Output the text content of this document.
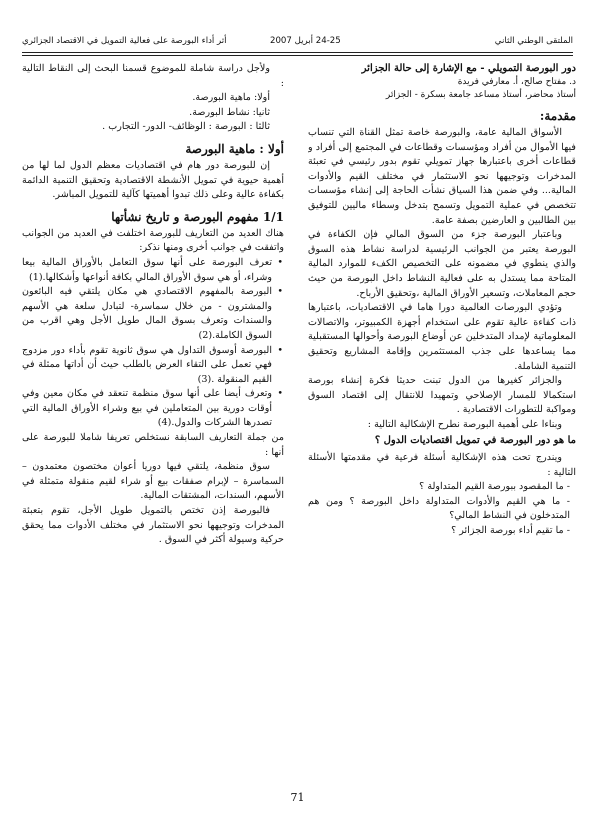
الملتقى الوطني الثاني
24-25 أبريل 2007
أثر أداء البورصة على فعالية التمويل في الاقتصاد الجزائري
دور البورصة التمويلي - مع الإشارة إلى حالة الجزائر
د. مفتاح صالح، أ. معارفي فريدة
أستاذ محاضر، أستاذ مساعد جامعة بسكرة - الجزائر
مقدمة:

الأسواق المالية عامة، والبورصة خاصة تمثل القناة التي تنساب فيها الأموال من أفراد ومؤسسات وقطاعات في المجتمع إلى أفراد و قطاعات أخرى باعتبارها جهاز تمويلي تقوم بدور رئيسي في تعبئة المدخرات وتوجيهها نحو الاستثمار في مختلف القيم والأدوات المالية... وفي ضمن هذا السياق نشأت الحاجة إلى إنشاء مؤسسات تتخصص في عملية التمويل وتسمح بتدخل وسطاء ماليين للتوفيق بين الطالبين و العارضين بصفة عامة.

وباعتبار البورصة جزء من السوق المالي فإن الكفاءة في البورصة يعتبر من الجوانب الرئيسية لدراسة نشاط هذه السوق والذي ينطوي في مضمونه على التخصيص الكفء للموارد المالية المتاحة مما يستدل به على فعالية النشاط داخل البورصة من حيث حجم المعاملات، وتسعير الأوراق المالية ،وتحقيق الأرباح.

وتؤدي البورصات العالمية دورا هاما في الاقتصاديات، باعتبارها ذات كفاءة عالية تقوم على استخدام أجهزة الكمبيوتر، والاتصالات المعلوماتية لإمداد المتدخلين عن أوضاع البورصة وأحوالها المستقبلية مما يساعدها على جذب المستثمرين وإقامة المشاريع وتحقيق التنمية الشاملة.

والجزائر كغيرها من الدول تبنت حديثا فكرة إنشاء بورصة استكمالا للمسار الإصلاحي وتمهيدا للانتقال إلى اقتصاد السوق ومواكبة للتطورات الاقتصادية .

وبناءا على أهمية البورصة نطرح الإشكالية التالية :

ما هو دور البورصة في تمويل اقتصاديات الدول ؟

ويندرج تحت هذه الإشكالية أسئلة فرعية في مقدمتها الأسئلة التالية :

- ما المقصود ببورصة القيم المتداولة ؟
- ما هي القيم والأدوات المتداولة داخل البورصة ؟ ومن هم المتدخلون في النشاط المالي؟
- ما تقيم أداء بورصة الجزائر ؟

ولأجل دراسة شاملة للموضوع قسمنا البحث إلى النقاط التالية :

أولا: ماهية البورصة.
ثانيا: نشاط البورصة.
ثالثا : البورصة : الوظائف- الدور- التجارب .
أولا : ماهية البورصة

إن للبورصة دور هام في اقتصاديات معظم الدول لما لها من أهمية حيوية في تمويل الأنشطة الاقتصادية وتحقيق التنمية الدائمة بكفاءة عالية وعلى ذلك تبدوا أهميتها كآلية للتمويل المباشر.

1/1 مفهوم البورصة و تاريخ نشأتها

هناك العديد من التعاريف للبورصة اختلفت في العديد من الجوانب واتفقت في جوانب أخرى ومنها نذكر:

• تعرف البورصة على أنها سوق التعامل بالأوراق المالية بيعا وشراء، أو هي سوق الأوراق المالي بكافة أنواعها وأشكالها.(1)
• البورصة بالمفهوم الاقتصادي هي مكان يلتقي فيه البائعون والمشترون - من خلال سماسرة- لتبادل سلعة هي الأسهم والسندات وتعرف بسوق المال طويل الأجل وهي اقرب من السوق الكاملة.(2)
• البورصة أوسوق التداول هي سوق ثانوية تقوم بأداء دور مزدوج فهي تعمل على التقاء العرض بالطلب حيث أن أداتها ممثلة في القيم المنقولة .(3)
• وتعرف أيضا على أنها سوق منظمة تنعقد في مكان معين وفي أوقات دورية بين المتعاملين في بيع وشراء الأوراق المالية التي تصدرها الشركات والدول.(4)

من جملة التعاريف السابقة نستخلص تعريفا شاملا للبورصة على أنها :

سوق منظمة، يلتقي فيها دوريا أعوان مختصون معتمدون – السماسرة – لإبرام صفقات بيع أو شراء لقيم منقولة متمثلة في الأسهم، السندات، المشتقات المالية.

فالبورصة إذن تختص بالتمويل طويل الأجل، تقوم بتعبئة المدخرات وتوجيهها نحو الاستثمار في مختلف الأدوات مما يحقق حركية وسيولة أكثر في السوق .

71
